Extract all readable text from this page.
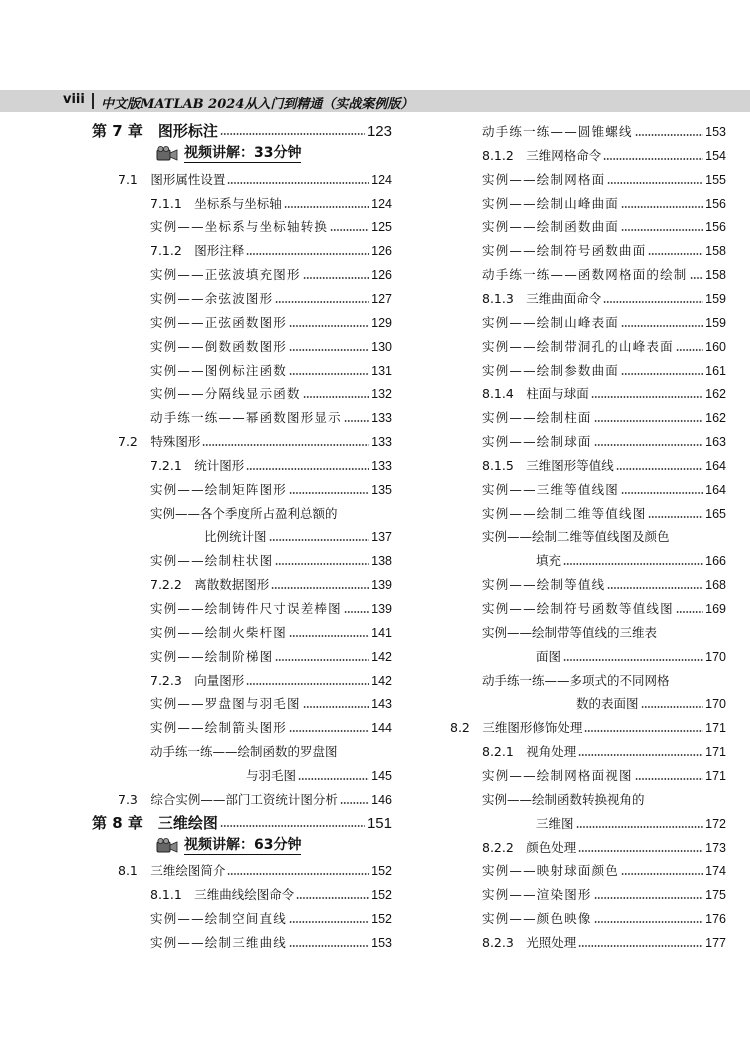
viii 中文版MATLAB 2024从入门到精通（实战案例版）
第 7 章　图形标注	123
视频讲解：33分钟
7.1　图形属性设置	124
7.1.1　坐标系与坐标轴	124
实例——坐标系与坐标轴转换	125
7.1.2　图形注释	126
实例——正弦波填充图形	126
实例——余弦波图形	127
实例——正弦函数图形	129
实例——倒数函数图形	130
实例——图例标注函数	131
实例——分隔线显示函数	132
动手练一练——幂函数图形显示 133
7.2　特殊图形	133
7.2.1　统计图形	133
实例——绘制矩阵图形	135
实例——各个季度所占盈利总额的
比例统计图	137
实例——绘制柱状图	138
7.2.2　离散数据图形	139
实例——绘制铸件尺寸误差棒图 139
实例——绘制火柴杆图	141
实例——绘制阶梯图	142
7.2.3　向量图形	142
实例——罗盘图与羽毛图	143
实例——绘制箭头图形	144
动手练一练——绘制函数的罗盘图
与羽毛图	145
7.3　综合实例——部门工资统计图分析	146
第 8 章　三维绘图	151
视频讲解：63分钟
8.1　三维绘图简介	152
8.1.1　三维曲线绘图命令	152
实例——绘制空间直线	152
实例——绘制三维曲线	153
动手练一练——圆锥螺线	153
8.1.2　三维网格命令	154
实例——绘制网格面	155
实例——绘制山峰曲面	156
实例——绘制函数曲面	156
实例——绘制符号函数曲面	158
动手练一练——函数网格面的绘制 158
8.1.3　三维曲面命令	159
实例——绘制山峰表面	159
实例——绘制带洞孔的山峰表面	160
实例——绘制参数曲面	161
8.1.4　柱面与球面	162
实例——绘制柱面	162
实例——绘制球面	163
8.1.5　三维图形等值线	164
实例——三维等值线图	164
实例——绘制二维等值线图	165
实例——绘制二维等值线图及颜色
填充	166
实例——绘制等值线	168
实例——绘制符号函数等值线图	169
实例——绘制带等值线的三维表
面图	170
动手练一练——多项式的不同网格
数的表面图	170
8.2　三维图形修饰处理	171
8.2.1　视角处理	171
实例——绘制网格面视图	171
实例——绘制函数转换视角的
三维图	172
8.2.2　颜色处理	173
实例——映射球面颜色	174
实例——渲染图形	175
实例——颜色映像	176
8.2.3　光照处理	177
